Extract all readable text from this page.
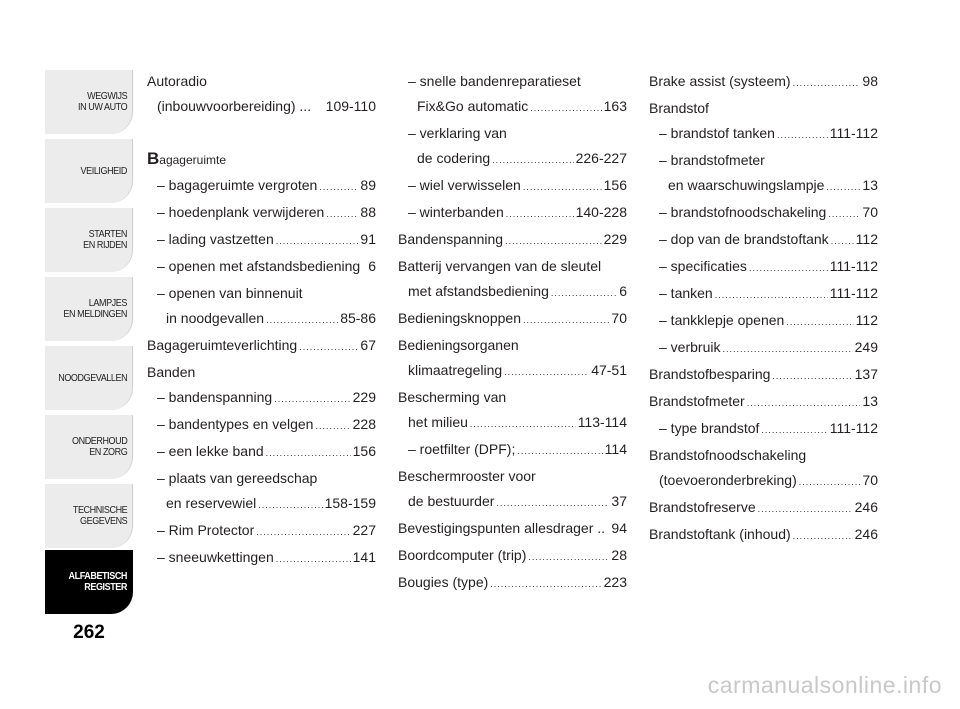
WEGWIJS
IN UW AUTO
VEILIGHEID
STARTEN
EN RIJDEN
LAMPJES
EN MELDINGEN
NOODGEVALLEN
ONDERHOUD
EN ZORG
TECHNISCHE
GEGEVENS
ALFABETISCH
REGISTER
262
Autoradio
(inbouwvoorbereiding) ... 109-110
Bagageruimte
– bagageruimte vergroten .....	89
– hoedenplank verwijderen .....	88
– lading vastzetten .....	91
– openen met afstandsbediening 6
– openen van binnenuit
in noodgevallen .....	85-86
Bagageruimteverlichting .....	67
Banden
– bandenspanning .....	229
– bandentypes en velgen .....	228
– een lekke band .....	156
– plaats van gereedschap
en reservewiel .....	158-159
– Rim Protector .....	227
– sneeuwkettingen .....	141
– snelle bandenreparatieset
Fix&Go automatic .....	163
– verklaring van
de codering .....	226-227
– wiel verwisselen .....	156
– winterbanden .....	140-228
Bandenspanning .....	229
Batterij vervangen van de sleutel
met afstandsbediening .....	6
Bedieningsknoppen .....	70
Bedieningsorganen
klimaatregeling .....	47-51
Bescherming van
het milieu .....	113-114
– roetfilter (DPF); .....	114
Beschermrooster voor
de bestuurder .....	37
Bevestigingspunten allesdrager .. 94
Boordcomputer (trip) .....	28
Bougies (type) .....	223
Brake assist (systeem) .....	98
Brandstof
– brandstof tanken .....	111-112
– brandstofmeter
en waarschuwingslampje .....	13
– brandstofnoodschakeling .....	70
– dop van de brandstoftank ..... 112
– specificaties .....	111-112
– tanken .....	111-112
– tankklepje openen .....	112
– verbruik .....	249
Brandstofbesparing .....	137
Brandstofmeter .....	13
– type brandstof .....	111-112
Brandstofnoodschakeling
(toevoeronderbreking) .....	70
Brandstofreserve .....	246
Brandstoftank (inhoud) .....	246
carmanualsonline.info
